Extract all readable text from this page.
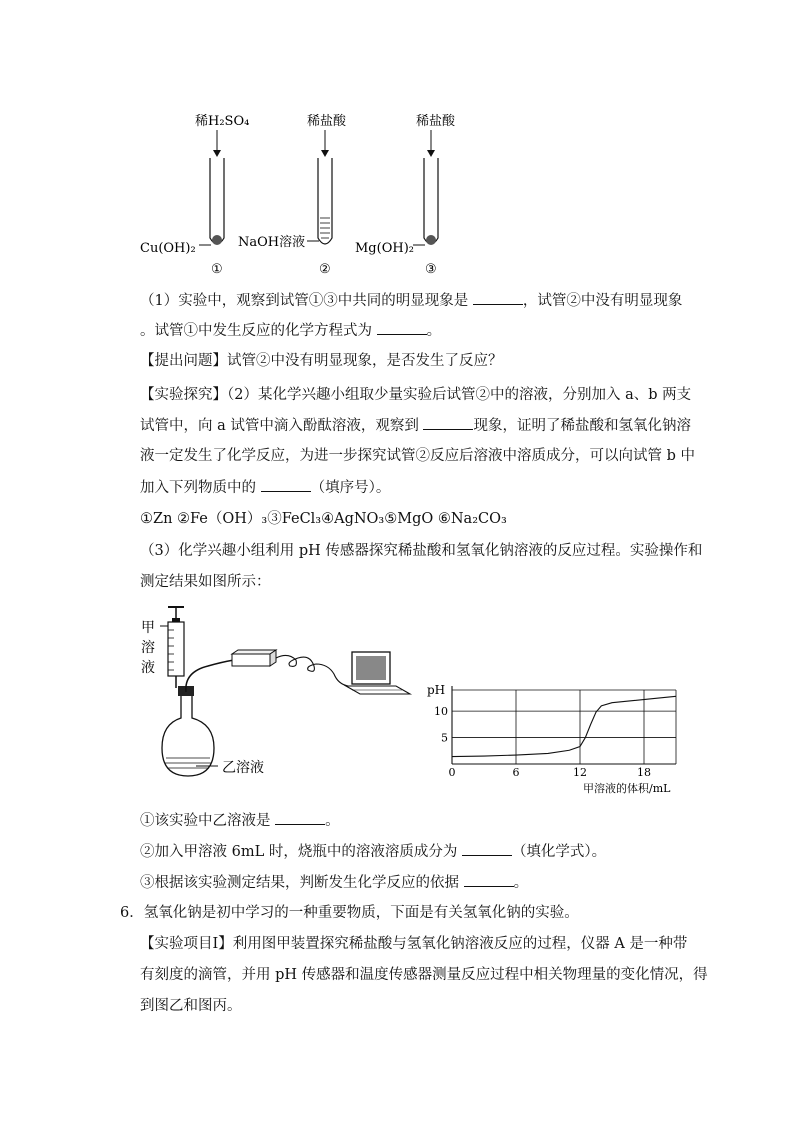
稀H₂SO₄
Cu(OH)₂
①
稀盐酸
NaOH溶液
②
稀盐酸
Mg(OH)₂
③
（1）实验中，观察到试管①③中共同的明显现象是	，试管②中没有明显现象
。试管①中发生反应的化学方程式为	。
【提出问题】试管②中没有明显现象，是否发生了反应？
【实验探究】（2）某化学兴趣小组取少量实验后试管②中的溶液，分别加入 a、b 两支
试管中，向 a 试管中滴入酚酞溶液，观察到	现象，证明了稀盐酸和氢氧化钠溶
液一定发生了化学反应，为进一步探究试管②反应后溶液中溶质成分，可以向试管 b 中
加入下列物质中的	（填序号）。
①Zn ②Fe（OH）₃③FeCl₃④AgNO₃⑤MgO ⑥Na₂CO₃
（3）化学兴趣小组利用 pH 传感器探究稀盐酸和氢氧化钠溶液的反应过程。实验操作和
测定结果如图所示：
甲
溶
液
乙溶液
pH
0	6	12	18
5
10
甲溶液的体积/mL
①该实验中乙溶液是	。
②加入甲溶液 6mL 时，烧瓶中的溶液溶质成分为	（填化学式）。
③根据该实验测定结果，判断发生化学反应的依据	。
6．氢氧化钠是初中学习的一种重要物质，下面是有关氢氧化钠的实验。
【实验项目Ⅰ】利用图甲装置探究稀盐酸与氢氧化钠溶液反应的过程，仪器 A 是一种带
有刻度的滴管，并用 pH 传感器和温度传感器测量反应过程中相关物理量的变化情况，得
到图乙和图丙。
